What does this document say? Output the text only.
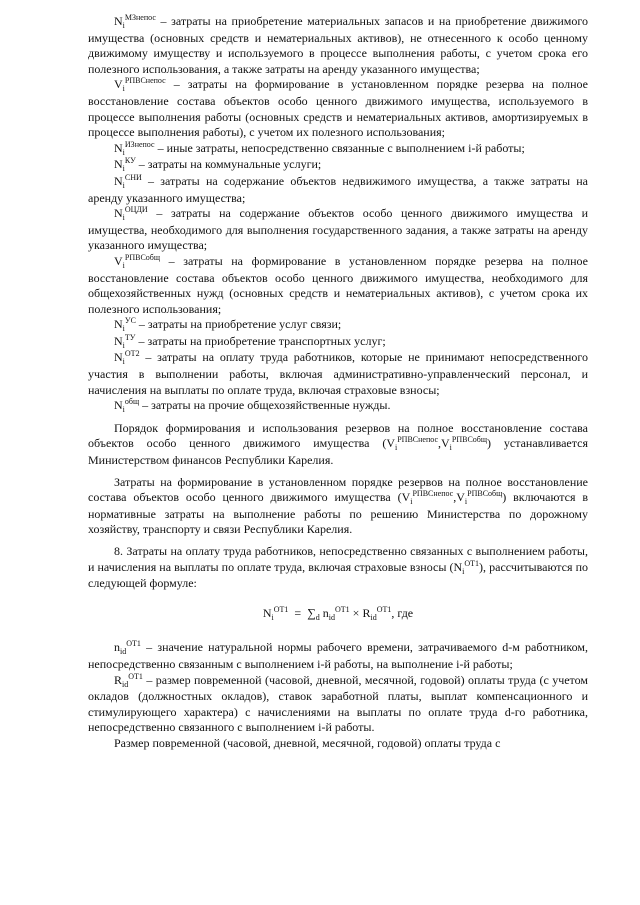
$N_i^{МЗнепос}$ – затраты на приобретение материальных запасов и на приобретение движимого имущества (основных средств и нематериальных активов), не отнесенного к особо ценному движимому имуществу и используемого в процессе выполнения работы, с учетом срока его полезного использования, а также затраты на аренду указанного имущества;

$V_i^{РПВСнепос}$ – затраты на формирование в установленном порядке резерва на полное восстановление состава объектов особо ценного движимого имущества, используемого в процессе выполнения работы (основных средств и нематериальных активов, амортизируемых в процессе выполнения работы), с учетом их полезного использования;

$N_i^{ИЗнепос}$ – иные затраты, непосредственно связанные с выполнением i-й работы;

$N_i^{КУ}$ – затраты на коммунальные услуги;

$N_i^{СНИ}$ – затраты на содержание объектов недвижимого имущества, а также затраты на аренду указанного имущества;

$N_i^{ОЦДИ}$ – затраты на содержание объектов особо ценного движимого имущества и имущества, необходимого для выполнения государственного задания, а также затраты на аренду указанного имущества;

$V_i^{РПВСобщ}$ – затраты на формирование в установленном порядке резерва на полное восстановление состава объектов особо ценного движимого имущества, необходимого для общехозяйственных нужд (основных средств и нематериальных активов), с учетом срока их полезного использования;

$N_i^{УС}$ – затраты на приобретение услуг связи;

$N_i^{ТУ}$ – затраты на приобретение транспортных услуг;

$N_i^{ОТ2}$ – затраты на оплату труда работников, которые не принимают непосредственного участия в выполнении работы, включая административно-управленческий персонал, и начисления на выплаты по оплате труда, включая страховые взносы;

$N_i^{общ}$ – затраты на прочие общехозяйственные нужды.

Порядок формирования и использования резервов на полное восстановление состава объектов особо ценного движимого имущества $(V_i^{РПВСнепос},V_i^{РПВСобщ})$ устанавливается Министерством финансов Республики Карелия.

Затраты на формирование в установленном порядке резервов на полное восстановление состава объектов особо ценного движимого имущества $(V_i^{РПВСнепос},V_i^{РПВСобщ})$ включаются в нормативные затраты на выполнение работы по решению Министерства по дорожному хозяйству, транспорту и связи Республики Карелия.

8. Затраты на оплату труда работников, непосредственно связанных с выполнением работы, и начисления на выплаты по оплате труда, включая страховые взносы $(N_i^{ОТ1})$, рассчитываются по следующей формуле:

$N_i^{ОТ1} = \sum_d$ $n_{id}^{ОТ1} \times R_{id}^{ОТ1}$, где

$n_{id}^{ОТ1}$ – значение натуральной нормы рабочего времени, затрачиваемого d-м работником, непосредственно связанным с выполнением i-й работы, на выполнение i-й работы;

$R_{id}^{ОТ1}$ – размер повременной (часовой, дневной, месячной, годовой) оплаты труда (с учетом окладов (должностных окладов), ставок заработной платы, выплат компенсационного и стимулирующего характера) с начислениями на выплаты по оплате труда d-го работника, непосредственно связанного с выполнением i-й работы.

Размер повременной (часовой, дневной, месячной, годовой) оплаты труда с
